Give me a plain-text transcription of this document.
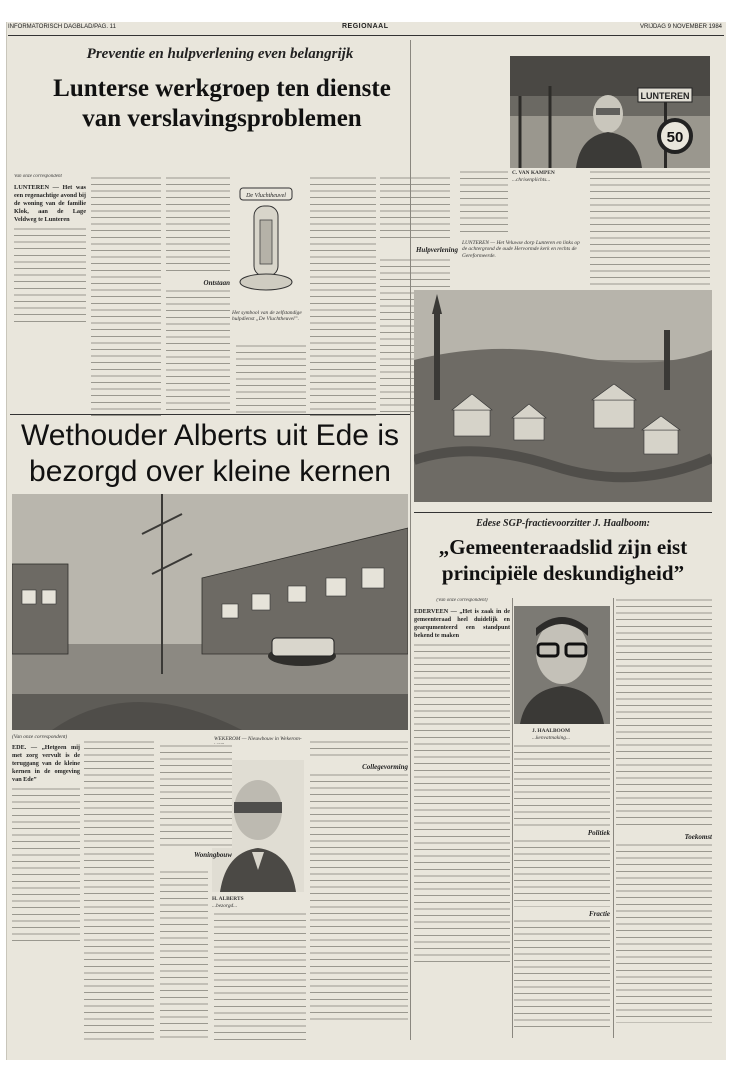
INFORMATORISCH DAGBLAD/PAG. 11	REGIONAAL	VRIJDAG 9 NOVEMBER 1984
Preventie en hulpverlening even belangrijk
Lunterse werkgroep ten dienste
van verslavingsproblemen
Van onze correspondent
LUNTEREN — Het was een regenachtige avond bij de woning van de familie Klok, aan de Lage Veldweg te Lunteren
Ontstaan
De Vluchtheuvel
Het symbool van de zelfstandige hulpdienst „De Vluchtheuvel”.
Hulpverlening
LUNTEREN
50
C. VAN KAMPEN
...chrisenplichts...
LUNTEREN — Het Veluwse dorp Lunteren en links op de achtergrond de oude Hervormde kerk en rechts de Gereformeerde.
Wethouder Alberts uit Ede is
bezorgd over kleine kernen
(Van onze correspondent)	WEKEROM — Nieuwbouw in Wekerom-
EDE. — „Hetgeen mij met zorg vervult is de teruggang van de kleine kernen in de omgeving van Ede”
H. ALBERTS
...bezorgd...
Woningbouw
Collegevorming
Edese SGP-fractievoorzitter J. Haalboom:
„Gemeenteraadslid zijn eist
principiële deskundigheid”
(Van onze correspondent)
EDERVEEN — „Het is zaak in de gemeenteraad heel duidelijk en gearqumenteerd een standpunt bekend te maken
J. HAALBOOM
...kenvatmaking...
Politiek
Fractie
Toekomst
